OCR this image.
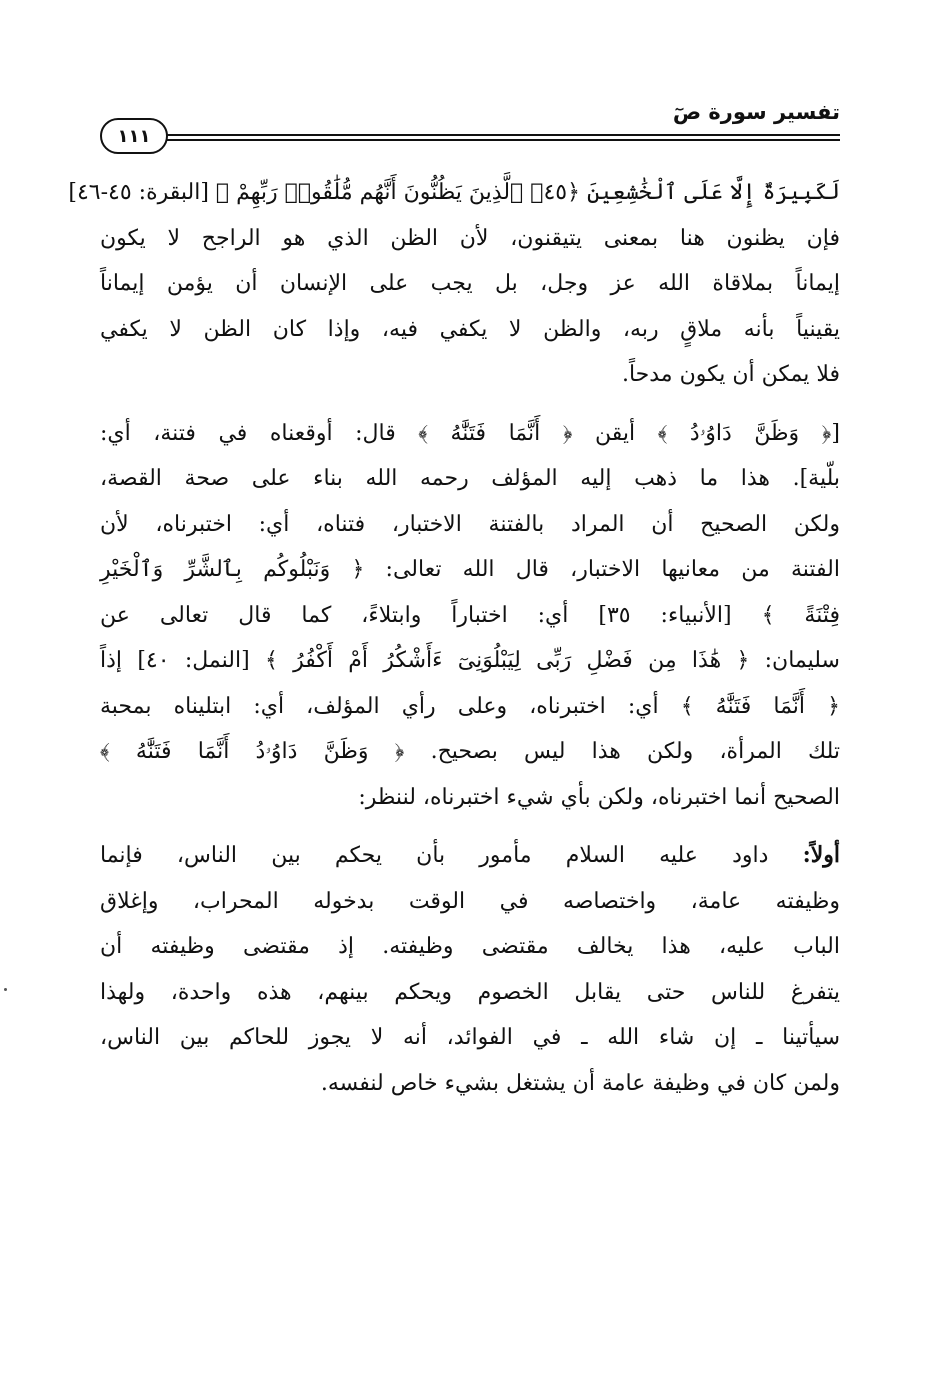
تفسير سورة صٓ
١١١

لَكَبِيرَةٌ إِلَّا عَلَى ٱلْخَٰشِعِينَ ﴿٤٥﴾ ٱلَّذِينَ يَظُنُّونَ أَنَّهُم مُّلَٰقُوا۟ رَبِّهِمْ ﴾ [البقرة: ٤٥-٤٦]
فإن يظنون هنا بمعنى يتيقنون، لأن الظن الذي هو الراجح لا يكون
إيماناً بملاقاة الله عز وجل، بل يجب على الإنسان أن يؤمن إيماناً
يقينياً بأنه ملاقٍ ربه، والظن لا يكفي فيه، وإذا كان الظن لا يكفي
فلا يمكن أن يكون مدحاً.

[﴿ وَظَنَّ دَاوُۥدُ ﴾ أيقن ﴿ أَنَّمَا فَتَنَّٰهُ ﴾ قال: أوقعناه في فتنة، أي:
بلّية]. هذا ما ذهب إليه المؤلف رحمه الله بناء على صحة القصة،
ولكن الصحيح أن المراد بالفتنة الاختبار، فتناه، أي: اختبرناه، لأن
الفتنة من معانيها الاختبار، قال الله تعالى: ﴿ وَنَبْلُوكُم بِٱلشَّرِّ وَٱلْخَيْرِ
فِتْنَةً ﴾ [الأنبياء: ٣٥] أي: اختباراً وابتلاءً، كما قال تعالى عن
سليمان: ﴿ هَٰذَا مِن فَضْلِ رَبِّى لِيَبْلُوَنِىٓ ءَأَشْكُرُ أَمْ أَكْفُرُ ﴾ [النمل: ٤٠] إذاً
﴿ أَنَّمَا فَتَنَّٰهُ ﴾ أي: اختبرناه، وعلى رأي المؤلف، أي: ابتليناه بمحبة
تلك المرأة، ولكن هذا ليس بصحيح. ﴿ وَظَنَّ دَاوُۥدُ أَنَّمَا فَتَنَّٰهُ ﴾
الصحيح أنما اختبرناه، ولكن بأي شيء اختبرناه، لننظر:

أولاً: داود عليه السلام مأمور بأن يحكم بين الناس، فإنما
وظيفته عامة، واختصاصه في الوقت بدخوله المحراب، وإغلاق
الباب عليه، هذا يخالف مقتضى وظيفته. إذ مقتضى وظيفته أن
يتفرغ للناس حتى يقابل الخصوم ويحكم بينهم، هذه واحدة، ولهذا
سيأتينا ـ إن شاء الله ـ في الفوائد، أنه لا يجوز للحاكم بين الناس،
ولمن كان في وظيفة عامة أن يشتغل بشيء خاص لنفسه.
